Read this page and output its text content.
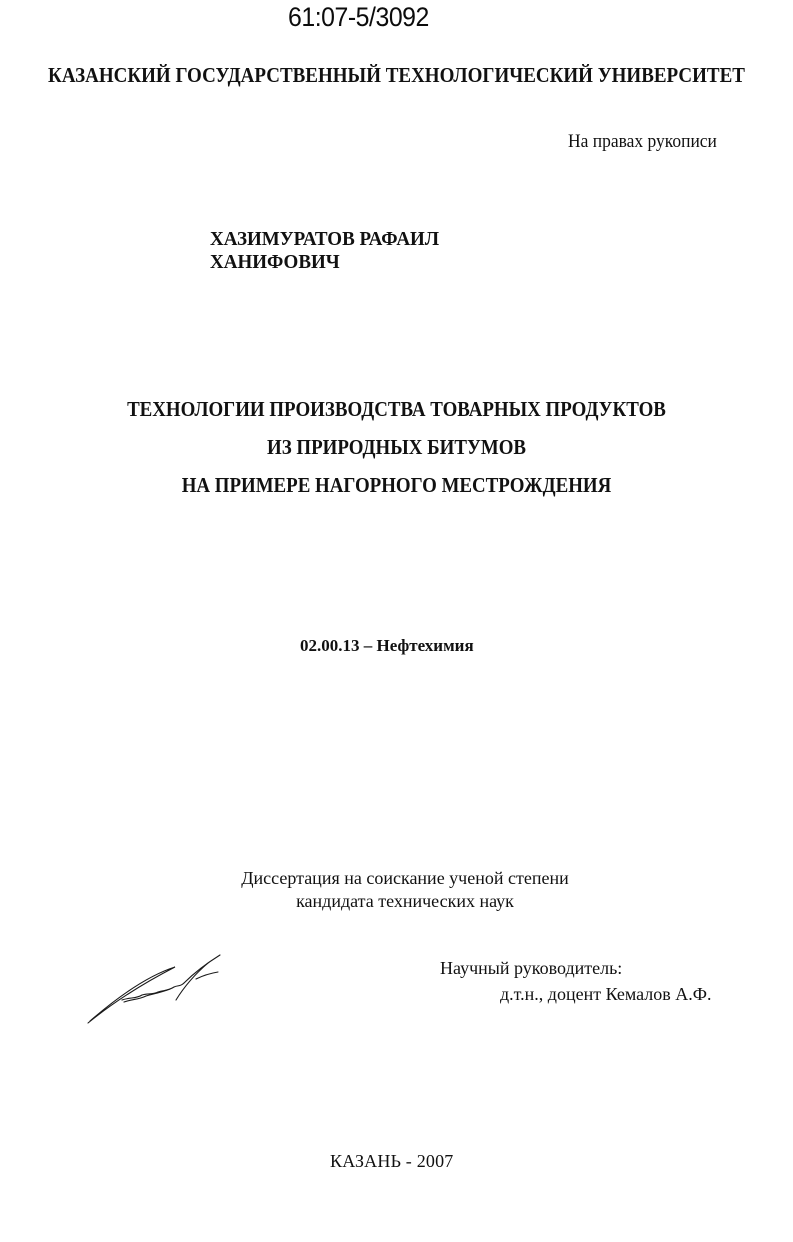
61:07-5/3092
КАЗАНСКИЙ ГОСУДАРСТВЕННЫЙ ТЕХНОЛОГИЧЕСКИЙ УНИВЕРСИТЕТ
На правах рукописи
ХАЗИМУРАТОВ РАФАИЛ ХАНИФОВИЧ
ТЕХНОЛОГИИ ПРОИЗВОДСТВА ТОВАРНЫХ ПРОДУКТОВ
ИЗ ПРИРОДНЫХ БИТУМОВ
НА ПРИМЕРЕ НАГОРНОГО МЕСТРОЖДЕНИЯ
02.00.13 – Нефтехимия
Диссертация на соискание ученой степени
кандидата технических наук
Научный руководитель:
д.т.н., доцент Кемалов А.Ф.
КАЗАНЬ - 2007
